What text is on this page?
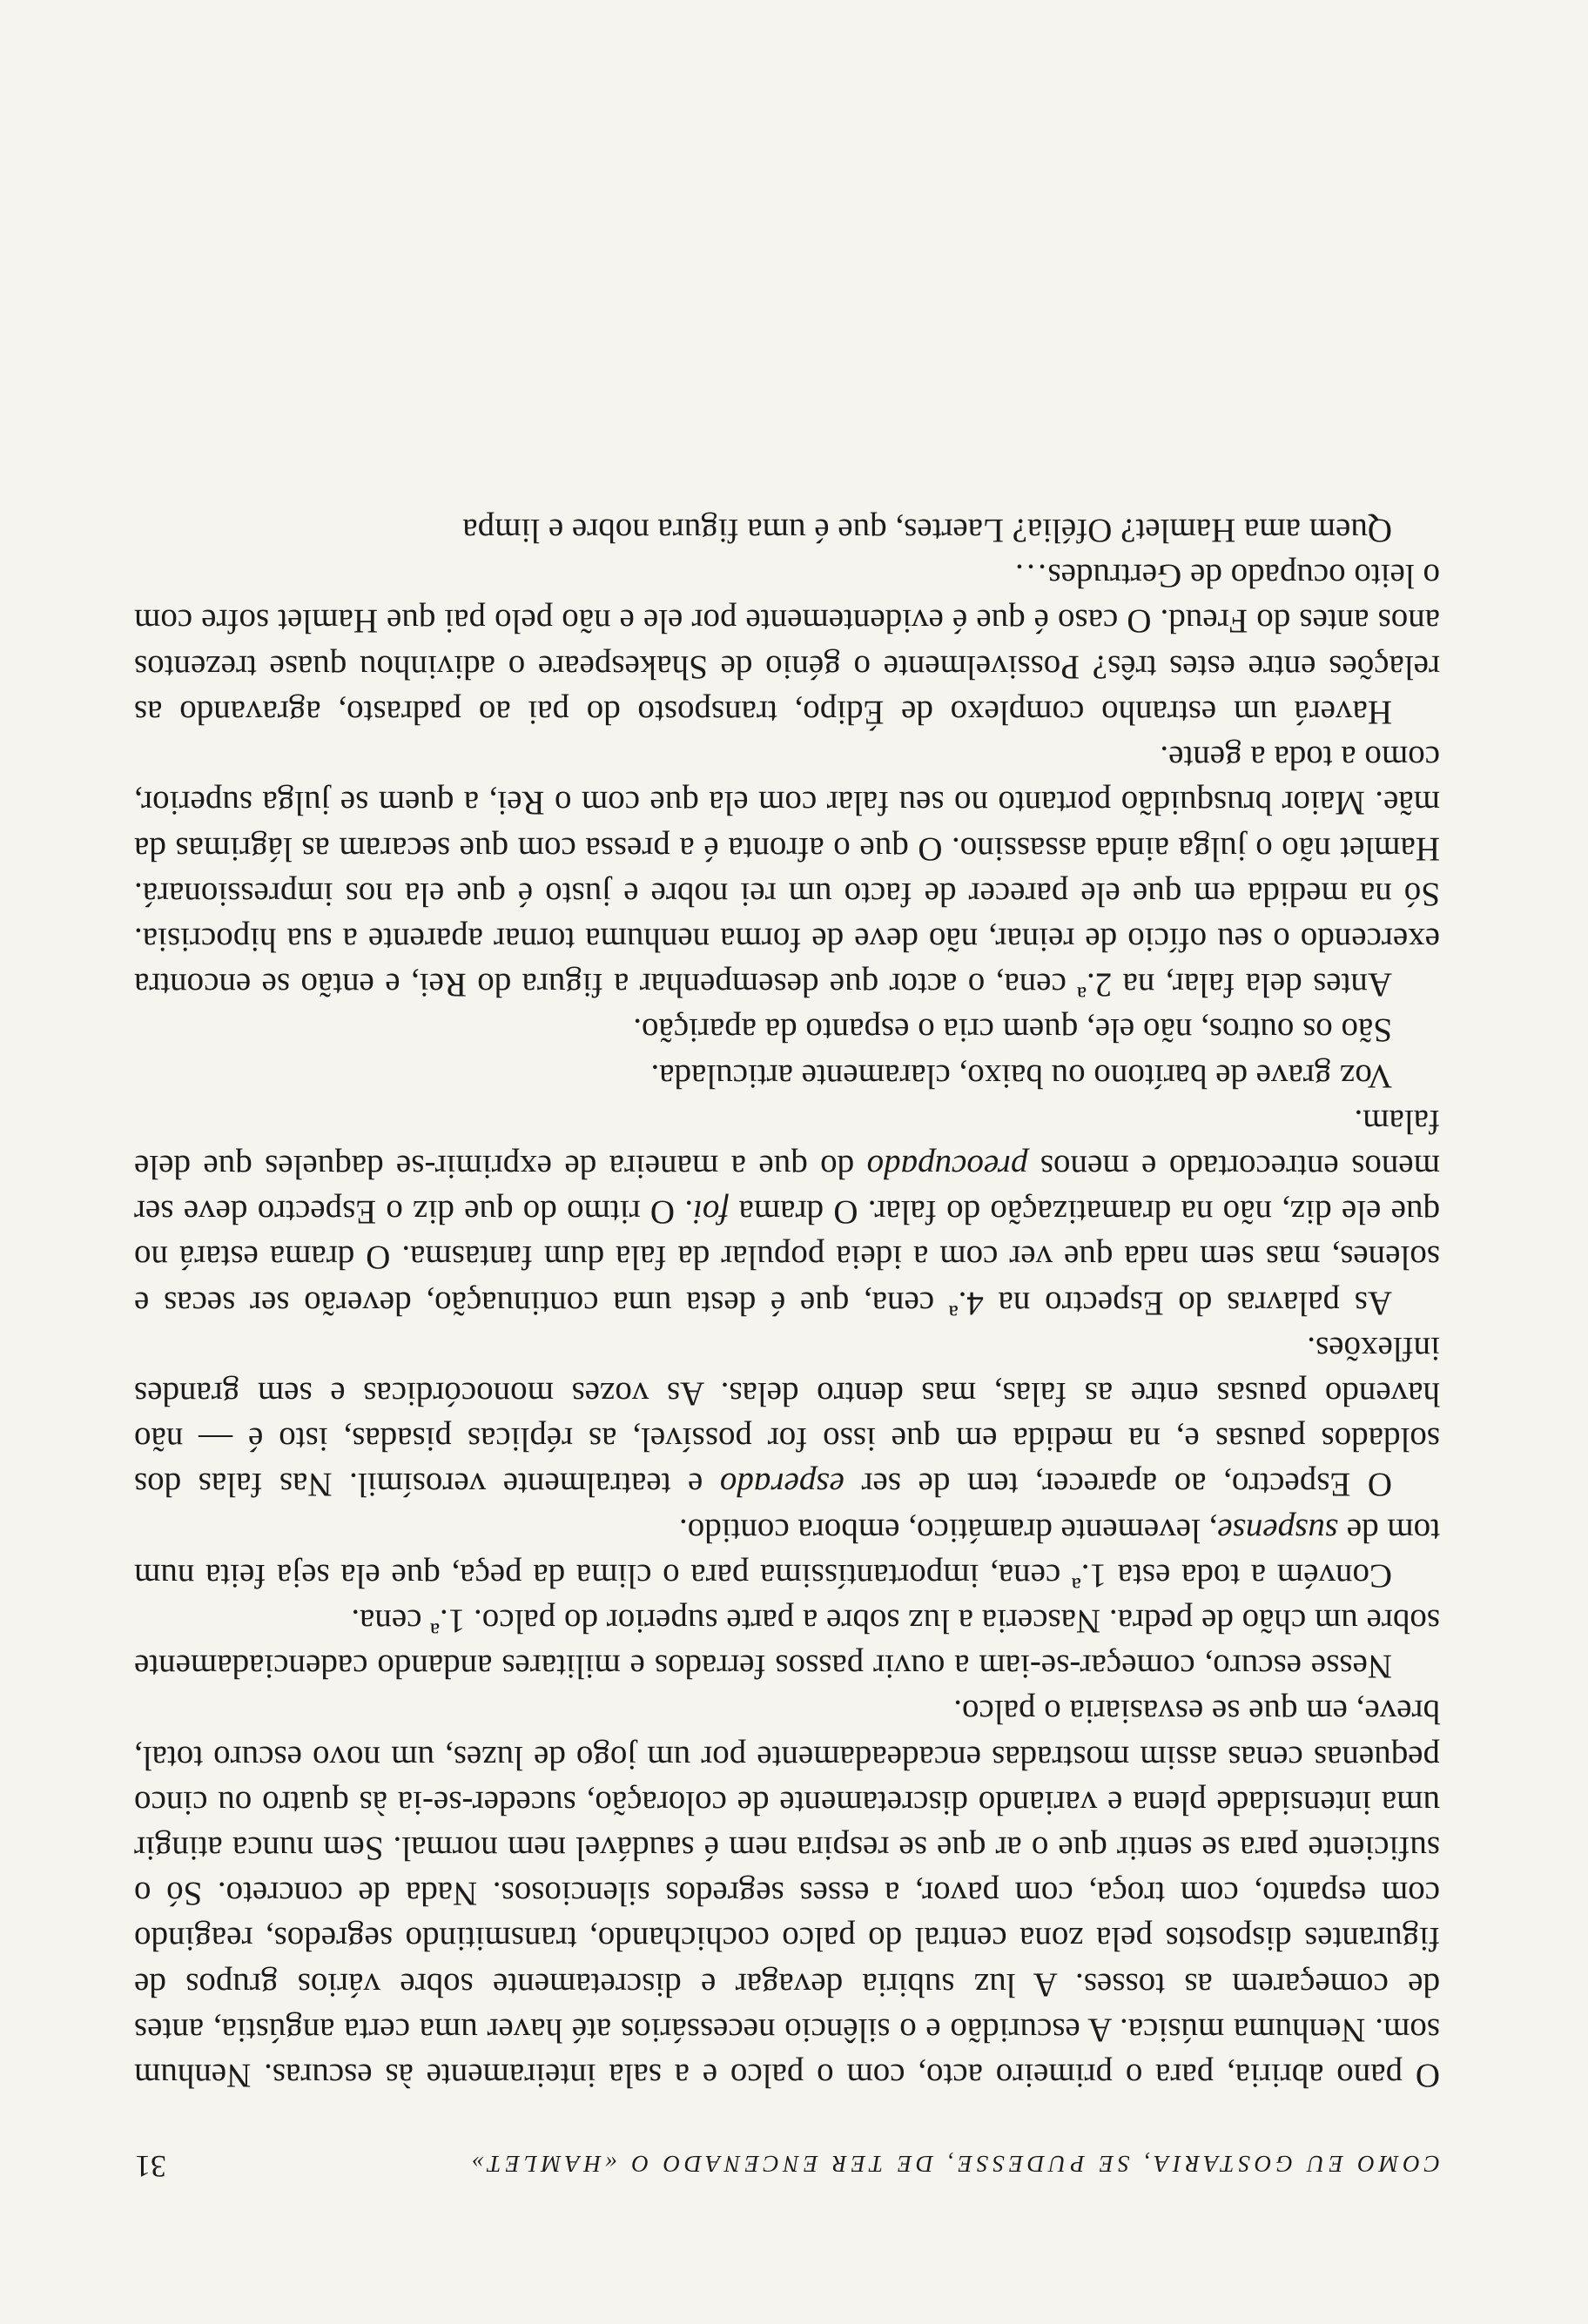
COMO EU GOSTARIA, SE PUDESSE, DE TER ENCENADO O «HAMLET»
31

O pano abriria, para o primeiro acto, com o palco e a sala inteiramente às escuras. Nenhum som. Nenhuma música. A escuridão e o silêncio necessários até haver uma certa angústia, antes de começarem as tosses. A luz subiria devagar e discretamente sobre vários grupos de figurantes dispostos pela zona central do palco cochichando, transmitindo segredos, reagindo com espanto, com troça, com pavor, a esses segredos silenciosos. Nada de concreto. Só o suficiente para se sentir que o ar que se respira nem é saudável nem normal. Sem nunca atingir uma intensidade plena e variando discretamente de coloração, suceder-se-ia às quatro ou cinco pequenas cenas assim mostradas encadeadamente por um jogo de luzes, um novo escuro total, breve, em que se esvasiaria o palco.

Nesse escuro, começar-se-iam a ouvir passos ferrados e militares andando cadenciadamente sobre um chão de pedra. Nasceria a luz sobre a parte superior do palco. 1.ª cena.

Convém a toda esta 1.ª cena, importantíssima para o clima da peça, que ela seja feita num tom de suspense, levemente dramático, embora contido.

O Espectro, ao aparecer, tem de ser esperado e teatralmente verosímil. Nas falas dos soldados pausas e, na medida em que isso for possível, as réplicas pisadas, isto é — não havendo pausas entre as falas, mas dentro delas. As vozes monocórdicas e sem grandes inflexões.

As palavras do Espectro na 4.ª cena, que é desta uma continuação, deverão ser secas e solenes, mas sem nada que ver com a ideia popular da fala dum fantasma. O drama estará no que ele diz, não na dramatização do falar. O drama foi. O ritmo do que diz o Espectro deve ser menos entrecortado e menos preocupado do que a maneira de exprimir-se daqueles que dele falam.

Voz grave de barítono ou baixo, claramente articulada.

São os outros, não ele, quem cria o espanto da aparição.

Antes dela falar, na 2.ª cena, o actor que desempenhar a figura do Rei, e então se encontra exercendo o seu ofício de reinar, não deve de forma nenhuma tornar aparente a sua hipocrisia. Só na medida em que ele parecer de facto um rei nobre e justo é que ela nos impressionará. Hamlet não o julga ainda assassino. O que o afronta é a pressa com que secaram as lágrimas da mãe. Maior brusquidão portanto no seu falar com ela que com o Rei, a quem se julga superior, como a toda a gente.

Haverá um estranho complexo de Édipo, transposto do pai ao padrasto, agravando as relações entre estes três? Possivelmente o génio de Shakespeare o adivinhou quase trezentos anos antes do Freud. O caso é que é evidentemente por ele e não pelo pai que Hamlet sofre com o leito ocupado de Gertrudes…

Quem ama Hamlet? Ofélia? Laertes, que é uma figura nobre e limpa
